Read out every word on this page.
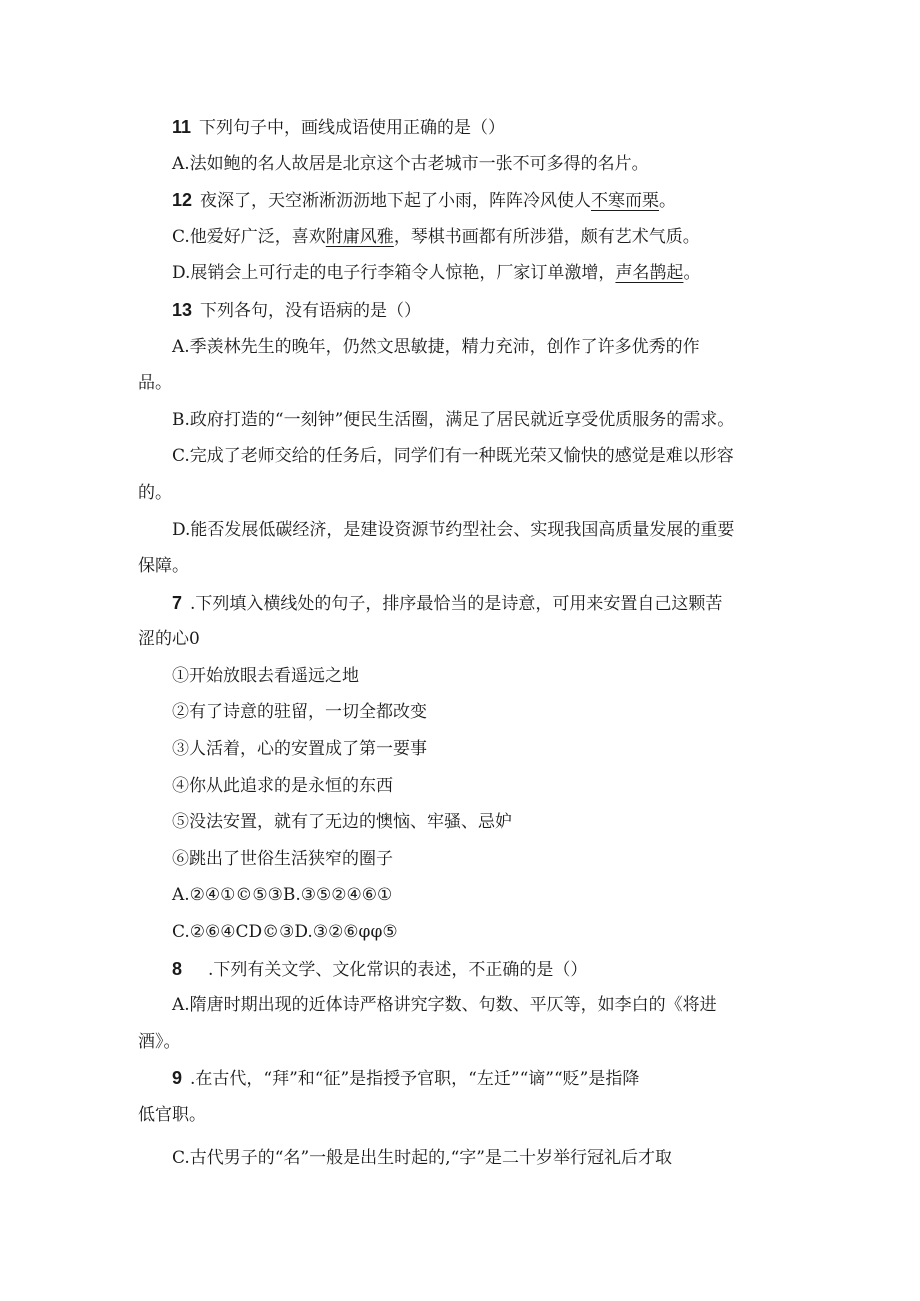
11 下列句子中，画线成语使用正确的是（）
A.法如鲍的名人故居是北京这个古老城市一张不可多得的名片。
12 夜深了，天空淅淅沥沥地下起了小雨，阵阵冷风使人不寒而栗。
C.他爱好广泛，喜欢附庸风雅，琴棋书画都有所涉猎，颇有艺术气质。
D.展销会上可行走的电子行李箱令人惊艳，厂家订单激增，声名鹊起。
13 下列各句，没有语病的是（）
A.季羡林先生的晚年，仍然文思敏捷，精力充沛，创作了许多优秀的作
品。
B.政府打造的“一刻钟”便民生活圈，满足了居民就近享受优质服务的需求。
C.完成了老师交给的任务后，同学们有一种既光荣又愉快的感觉是难以形容
的。
D.能否发展低碳经济，是建设资源节约型社会、实现我国高质量发展的重要
保障。
7 .下列填入横线处的句子，排序最恰当的是诗意，可用来安置自己这颗苦
涩的心0
①开始放眼去看遥远之地
②有了诗意的驻留，一切全都改变
③人活着，心的安置成了第一要事
④你从此追求的是永恒的东西
⑤没法安置，就有了无边的懊恼、牢骚、忌妒
⑥跳出了世俗生活狭窄的圈子
A.②④①©⑤③B.③⑤②④⑥①
C.②⑥④CD©③D.③②⑥φφ⑤
8 .下列有关文学、文化常识的表述，不正确的是（）
A.隋唐时期出现的近体诗严格讲究字数、句数、平仄等，如李白的《将进
酒》。
9 .在古代，“拜”和“征”是指授予官职，“左迁”“谪”“贬”是指降
低官职。
C.古代男子的“名”一般是出生时起的,“字”是二十岁举行冠礼后才取
